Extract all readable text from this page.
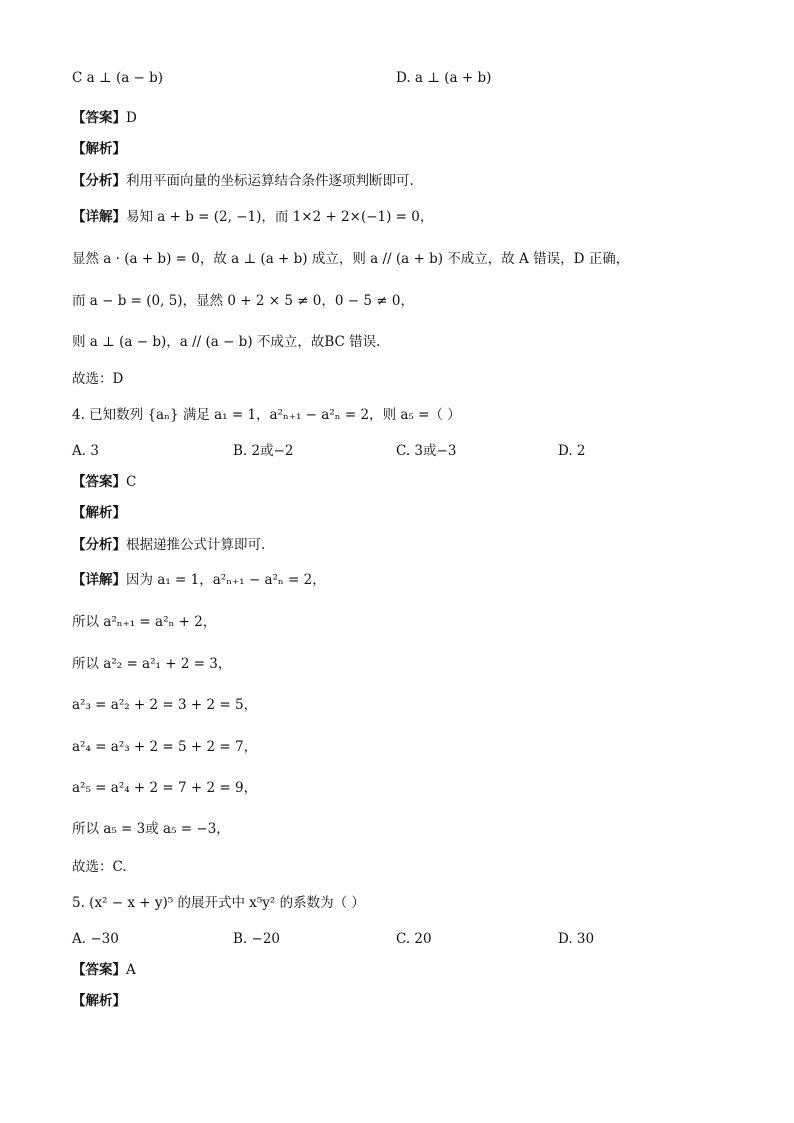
C a ⊥ (a − b)	D. a ⊥ (a + b)
【答案】D
【解析】
【分析】利用平面向量的坐标运算结合条件逐项判断即可.
【详解】易知 a + b = (2, −1)，而 1×2 + 2×(−1) = 0，
显然 a · (a + b) = 0，故 a ⊥ (a + b) 成立，则 a // (a + b) 不成立，故 A 错误，D 正确，
而 a − b = (0, 5)，显然 0 + 2 × 5 ≠ 0，0 − 5 ≠ 0，
则 a ⊥ (a − b)，a // (a − b) 不成立，故BC 错误.
故选：D
4. 已知数列 {aₙ} 满足 a₁ = 1，a²ₙ₊₁ − a²ₙ = 2，则 a₅ =（ ）
A. 3	B. 2或−2	C. 3或−3	D. 2
【答案】C
【解析】
【分析】根据递推公式计算即可.
【详解】因为 a₁ = 1，a²ₙ₊₁ − a²ₙ = 2，
所以 a²ₙ₊₁ = a²ₙ + 2，
所以 a²₂ = a²₁ + 2 = 3，
a²₃ = a²₂ + 2 = 3 + 2 = 5，
a²₄ = a²₃ + 2 = 5 + 2 = 7，
a²₅ = a²₄ + 2 = 7 + 2 = 9，
所以 a₅ = 3或 a₅ = −3，
故选：C.
5. (x² − x + y)⁵ 的展开式中 x⁵y² 的系数为（ ）
A. −30	B. −20	C. 20	D. 30
【答案】A
【解析】
